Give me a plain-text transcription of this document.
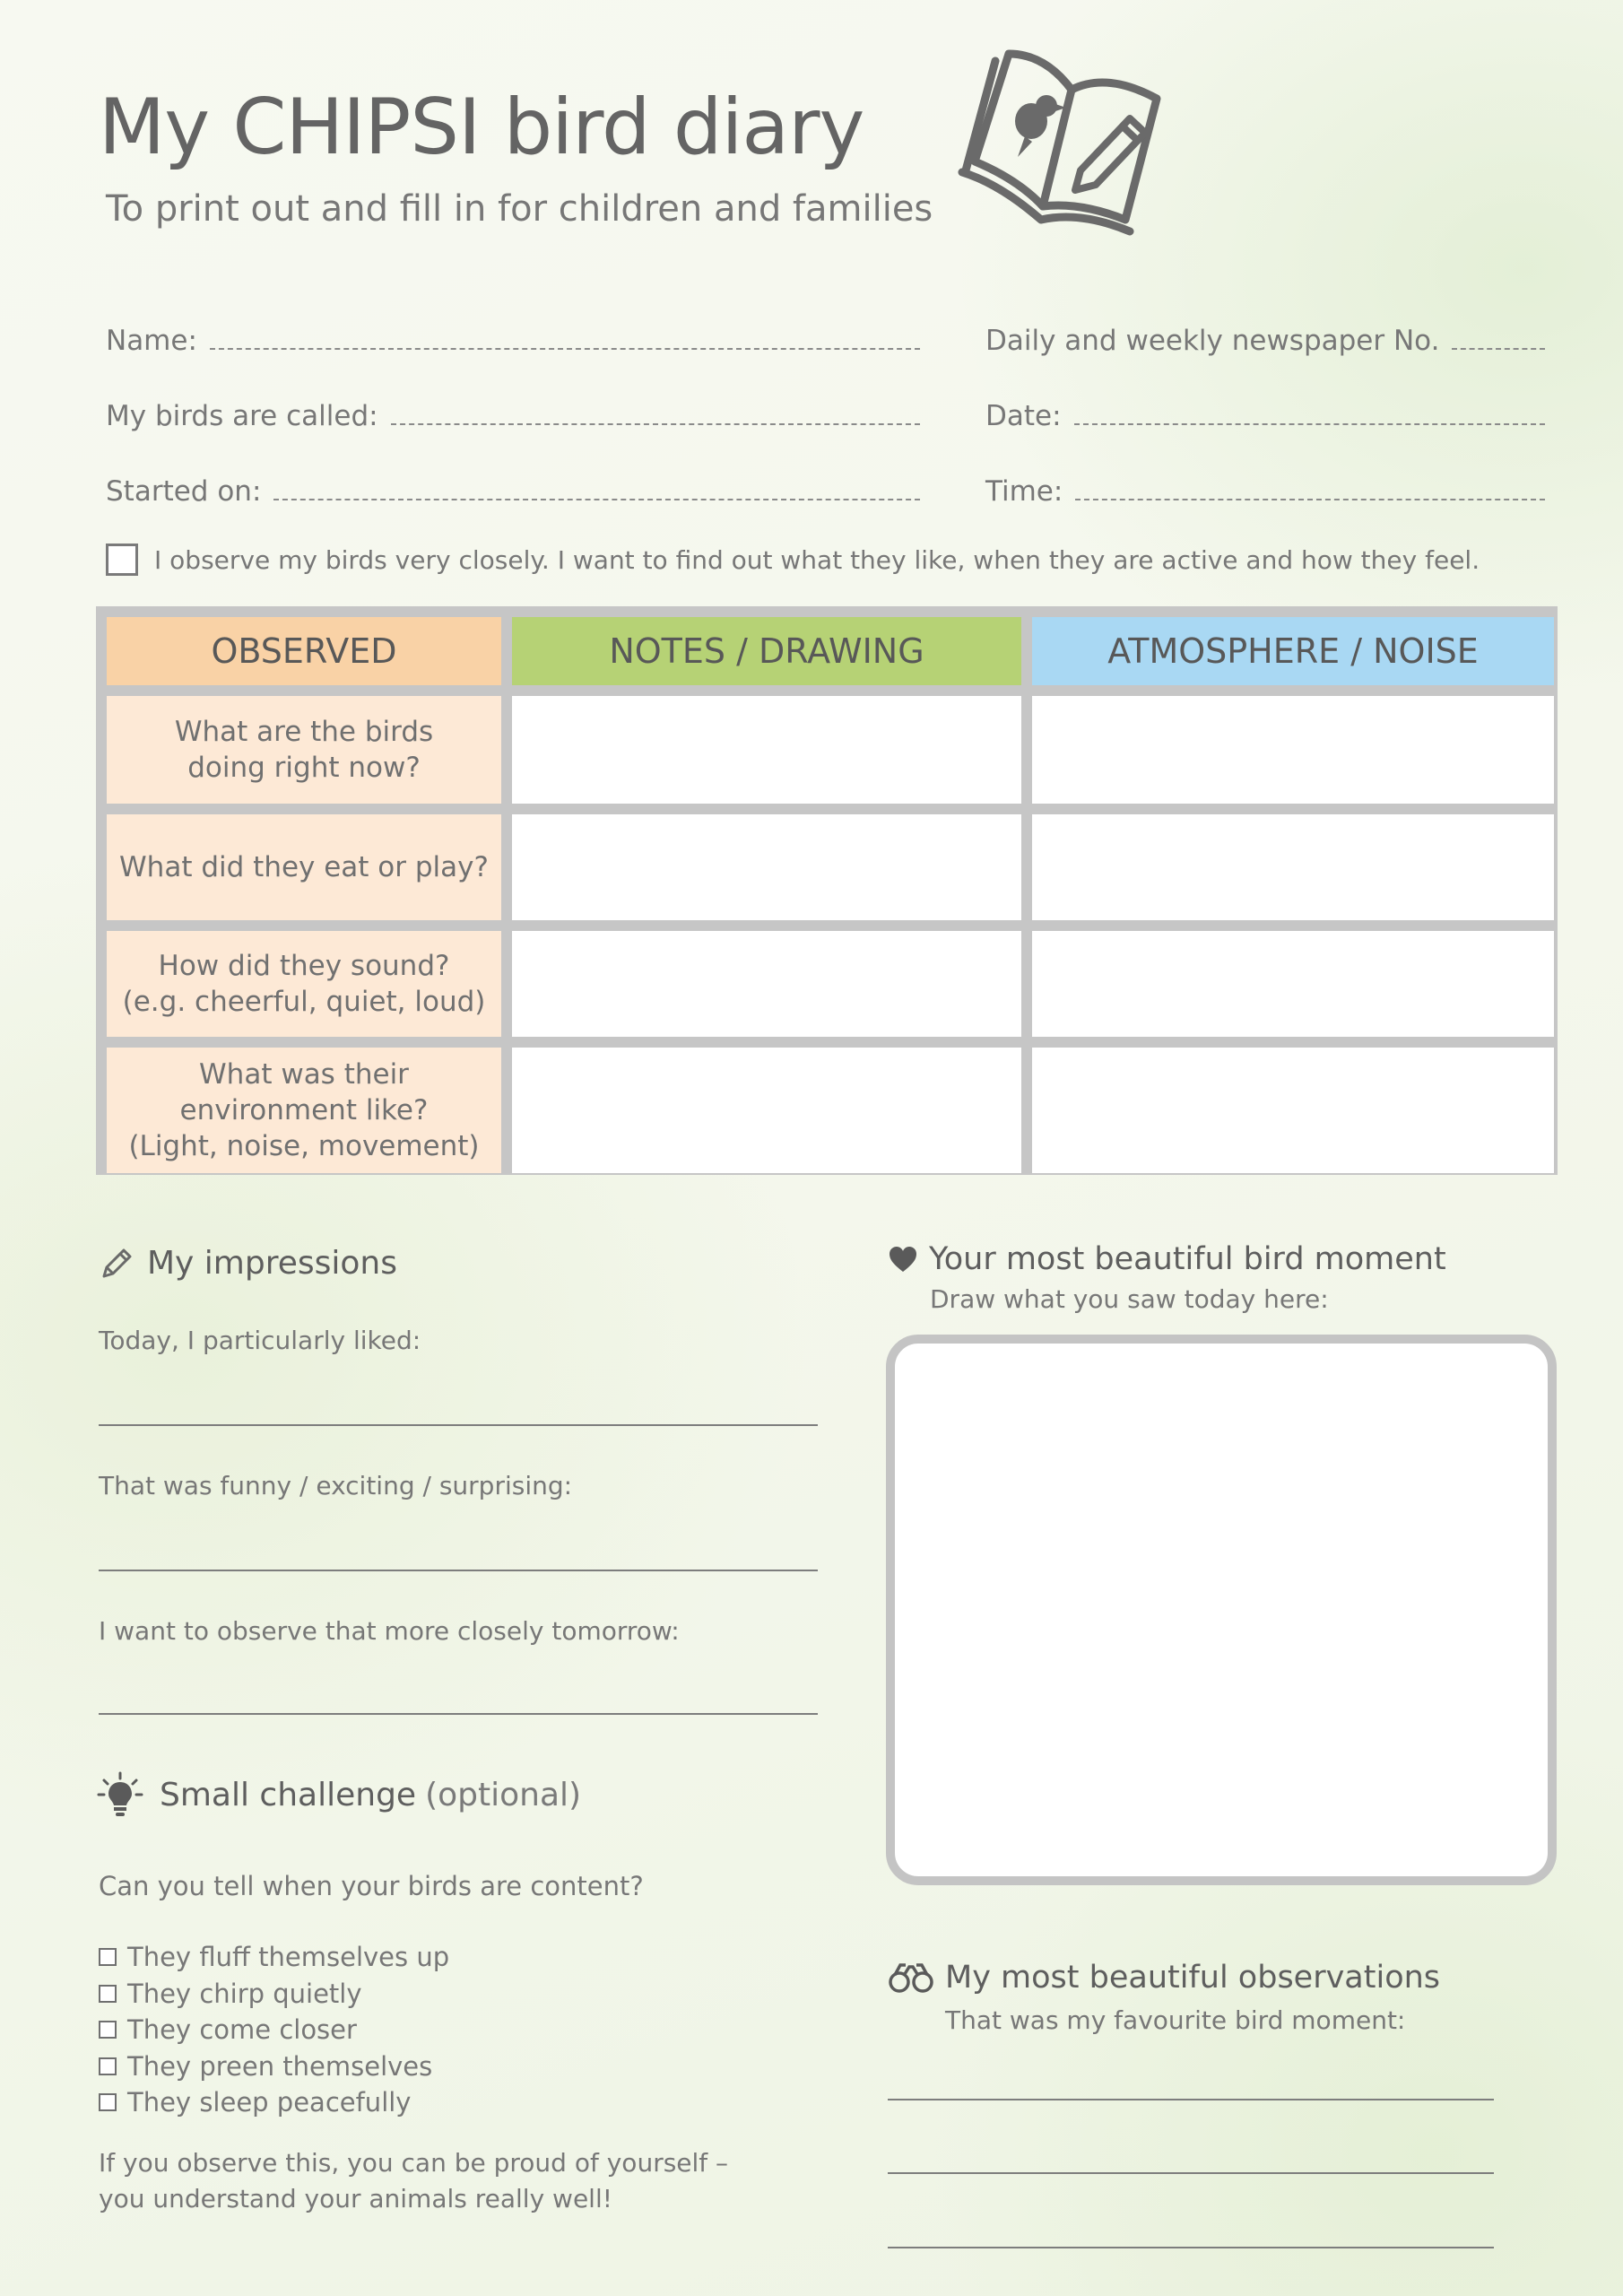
My CHIPSI bird diary
To print out and fill in for children and families
Name:
My birds are called:
Started on:
Daily and weekly newspaper No.
Date:
Time:
I observe my birds very closely. I want to find out what they like, when they are active and how they feel.
OBSERVED	NOTES / DRAWING	ATMOSPHERE / NOISE
What are the birds
doing right now?
What did they eat or play?
How did they sound?
(e.g. cheerful, quiet, loud)
What was their
environment like?
(Light, noise, movement)
My impressions
Today, I particularly liked:
That was funny / exciting / surprising:
I want to observe that more closely tomorrow:
Small challenge (optional)
Can you tell when your birds are content?
They fluff themselves up
They chirp quietly
They come closer
They preen themselves
They sleep peacefully
If you observe this, you can be proud of yourself –
you understand your animals really well!
Your most beautiful bird moment
Draw what you saw today here:
My most beautiful observations
That was my favourite bird moment:
